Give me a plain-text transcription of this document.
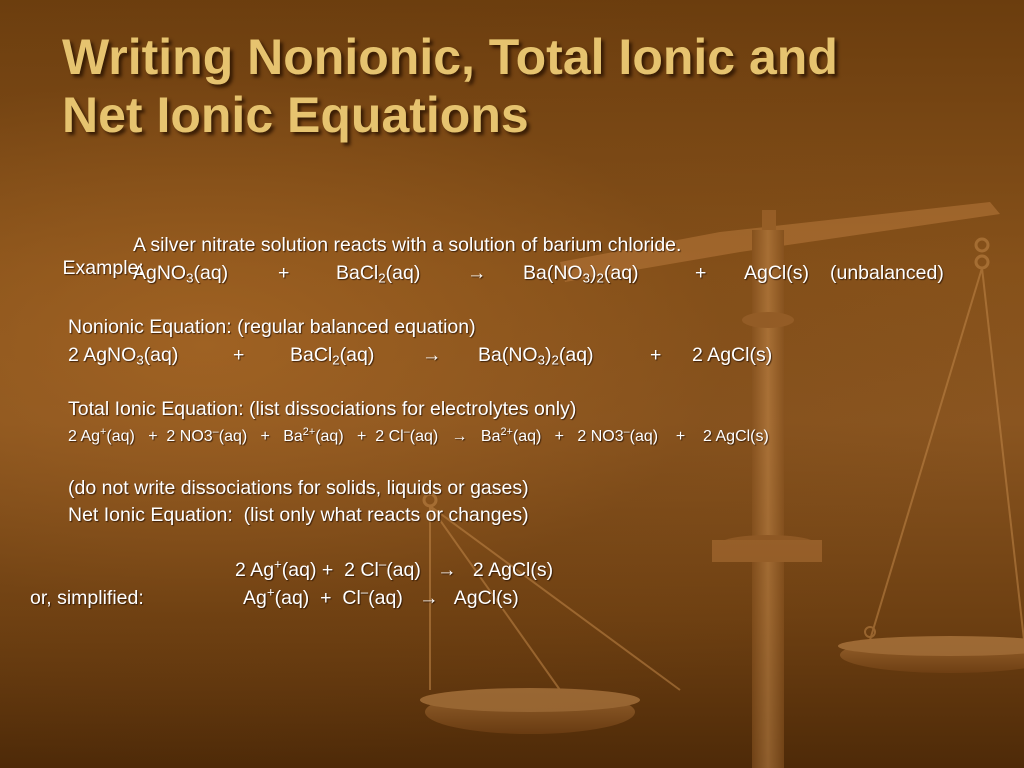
Writing Nonionic, Total Ionic and
Net Ionic Equations

Example:

A silver nitrate solution reacts with a solution of barium chloride.
AgNO$_3$(aq)	+ BaCl$_2$(aq) → $Ba(NO_3)_2(aq)$	+ AgCl(s) (unbalanced)
Nonionic Equation: (regular balanced equation)
2 AgNO$_3$(aq)	+ BaCl$_2$(aq) → $Ba(NO_3)_2(aq)$	+ 2 AgCl(s)
Total Ionic Equation: (list dissociations for electrolytes only)
2 Ag+(aq) + 2 $NO3^-(aq) + Ba^{2+}(aq) + 2$ $Cl^-(aq) \to Ba^{2+}(aq) + 2$ NO3–(aq) + 2 AgCl(s)
(do not write dissociations for solids, liquids or gases)
Net Ionic Equation:  (list only what reacts or changes)
2 Ag+(aq) + 2 Cl–(aq) → 2 AgCl(s)
or, simplified:	Ag+(aq)  + Cl–(aq) → AgCl(s)
